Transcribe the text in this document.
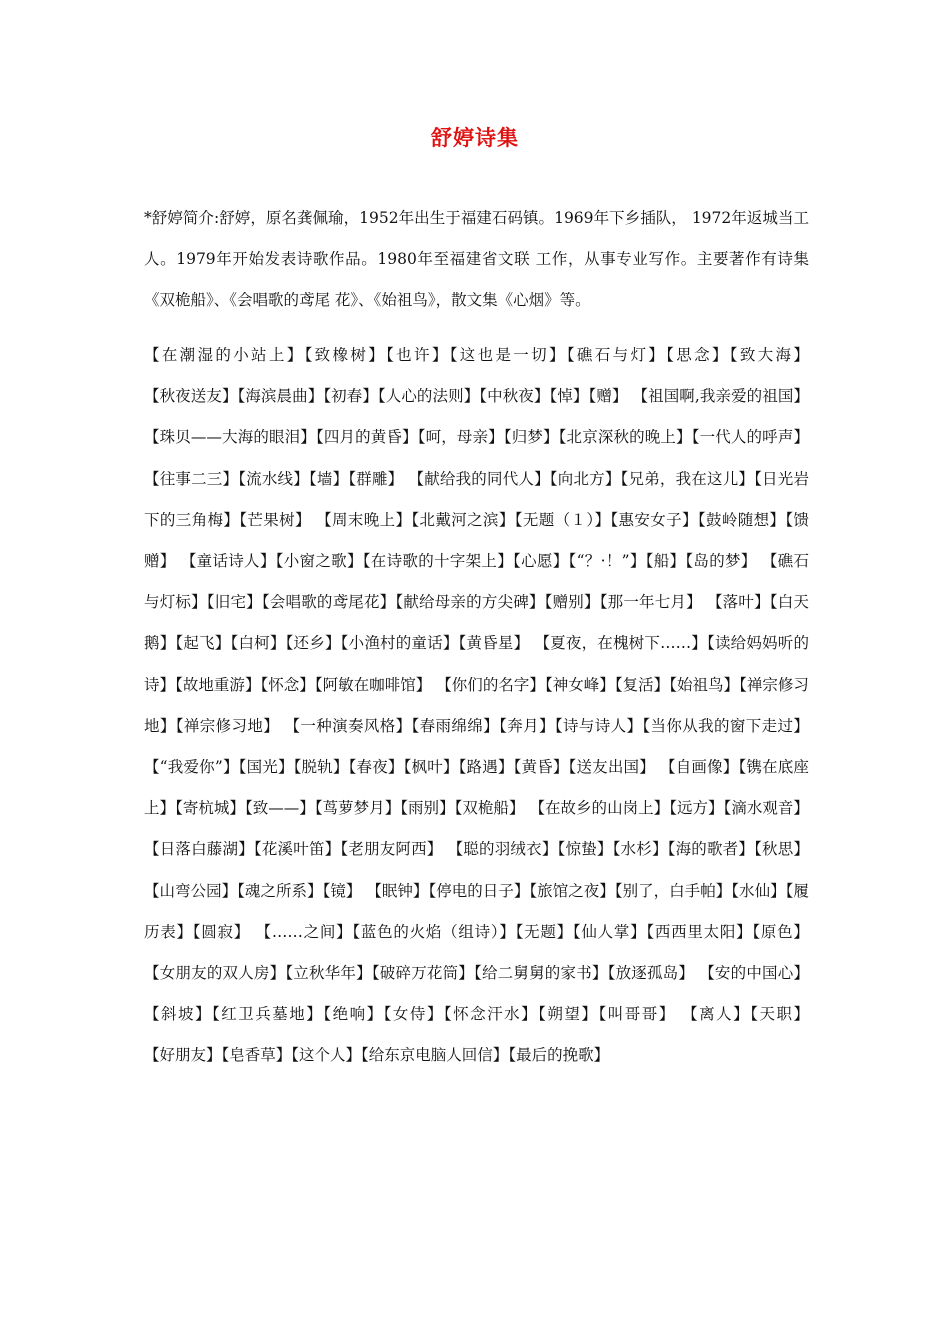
舒婷诗集
*舒婷简介:舒婷，原名龚佩瑜，1952年出生于福建石码镇。1969年下乡插队， 1972年返城当工人。1979年开始发表诗歌作品。1980年至福建省文联 工作，从事专业写作。主要著作有诗集《双桅船》、《会唱歌的鸢尾 花》、《始祖鸟》，散文集《心烟》等。
【在潮湿的小站上】【致橡树】【也许】【这也是一切】【礁石与灯】【思念】【致大海】 【秋夜送友】【海滨晨曲】【初春】【人心的法则】【中秋夜】【悼】【赠】 【祖国啊,我亲爱的祖国】【珠贝——大海的眼泪】【四月的黄昏】【呵，母亲】【归梦】【北京深秋的晚上】【一代人的呼声】【往事二三】【流水线】【墙】【群雕】 【献给我的同代人】【向北方】【兄弟，我在这儿】【日光岩下的三角梅】【芒果树】 【周末晚上】【北戴河之滨】【无题（１）】【惠安女子】【鼓岭随想】【馈赠】 【童话诗人】【小窗之歌】【在诗歌的十字架上】【心愿】【“？·！”】【船】【岛的梦】 【礁石与灯标】【旧宅】【会唱歌的鸢尾花】【献给母亲的方尖碑】【赠别】【那一年七月】 【落叶】【白天鹅】【起飞】【白柯】【还乡】【小渔村的童话】【黄昏星】 【夏夜，在槐树下……】【读给妈妈听的诗】【故地重游】【怀念】【阿敏在咖啡馆】 【你们的名字】【神女峰】【复活】【始祖鸟】【禅宗修习地】【禅宗修习地】 【一种演奏风格】【春雨绵绵】【奔月】【诗与诗人】【当你从我的窗下走过】 【“我爱你”】【国光】【脱轨】【春夜】【枫叶】【路遇】【黄昏】【送友出国】 【自画像】【镌在底座上】【寄杭城】【致——】【茑萝梦月】【雨别】【双桅船】 【在故乡的山岗上】【远方】【滴水观音】【日落白藤湖】【花溪叶笛】【老朋友阿西】 【聪的羽绒衣】【惊蛰】【水杉】【海的歌者】【秋思】【山弯公园】【魂之所系】【镜】 【眠钟】【停电的日子】【旅馆之夜】【别了，白手帕】【水仙】【履历表】【圆寂】 【……之间】【蓝色的火焰（组诗）】【无题】【仙人掌】【西西里太阳】【原色】 【女朋友的双人房】【立秋华年】【破碎万花筒】【给二舅舅的家书】【放逐孤岛】 【安的中国心】【斜坡】【红卫兵墓地】【绝响】【女侍】【怀念汗水】【朔望】【叫哥哥】 【离人】【天职】【好朋友】【皂香草】【这个人】【给东京电脑人回信】【最后的挽歌】
